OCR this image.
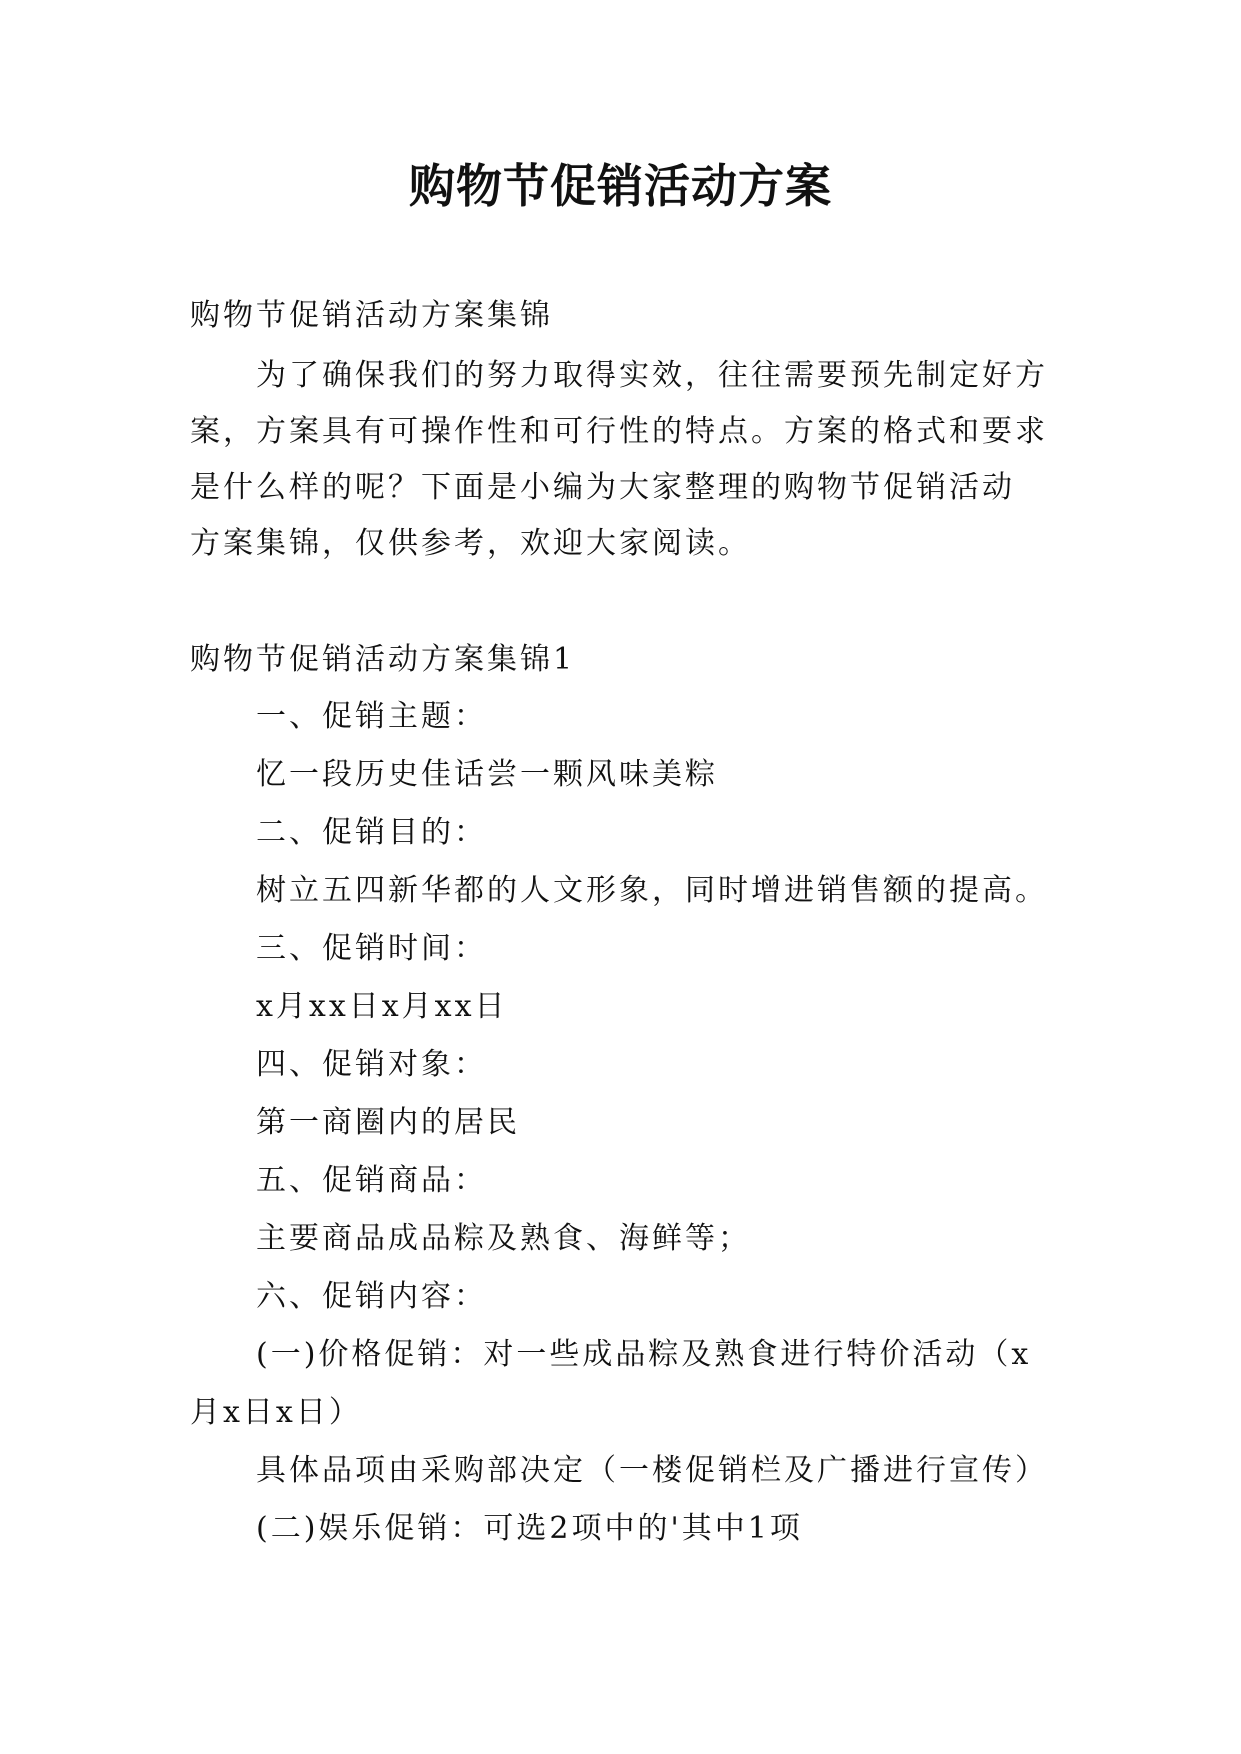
购物节促销活动方案
购物节促销活动方案集锦
为了确保我们的努力取得实效，往往需要预先制定好方
案，方案具有可操作性和可行性的特点。方案的格式和要求
是什么样的呢？下面是小编为大家整理的购物节促销活动
方案集锦，仅供参考，欢迎大家阅读。
购物节促销活动方案集锦1
一、促销主题：
忆一段历史佳话尝一颗风味美粽
二、促销目的：
树立五四新华都的人文形象，同时增进销售额的提高。
三、促销时间：
x月xx日x月xx日
四、促销对象：
第一商圈内的居民
五、促销商品：
主要商品成品粽及熟食、海鲜等；
六、促销内容：
(一)价格促销：对一些成品粽及熟食进行特价活动（x
月x日x日）
具体品项由采购部决定（一楼促销栏及广播进行宣传）
(二)娱乐促销：可选2项中的'其中1项
